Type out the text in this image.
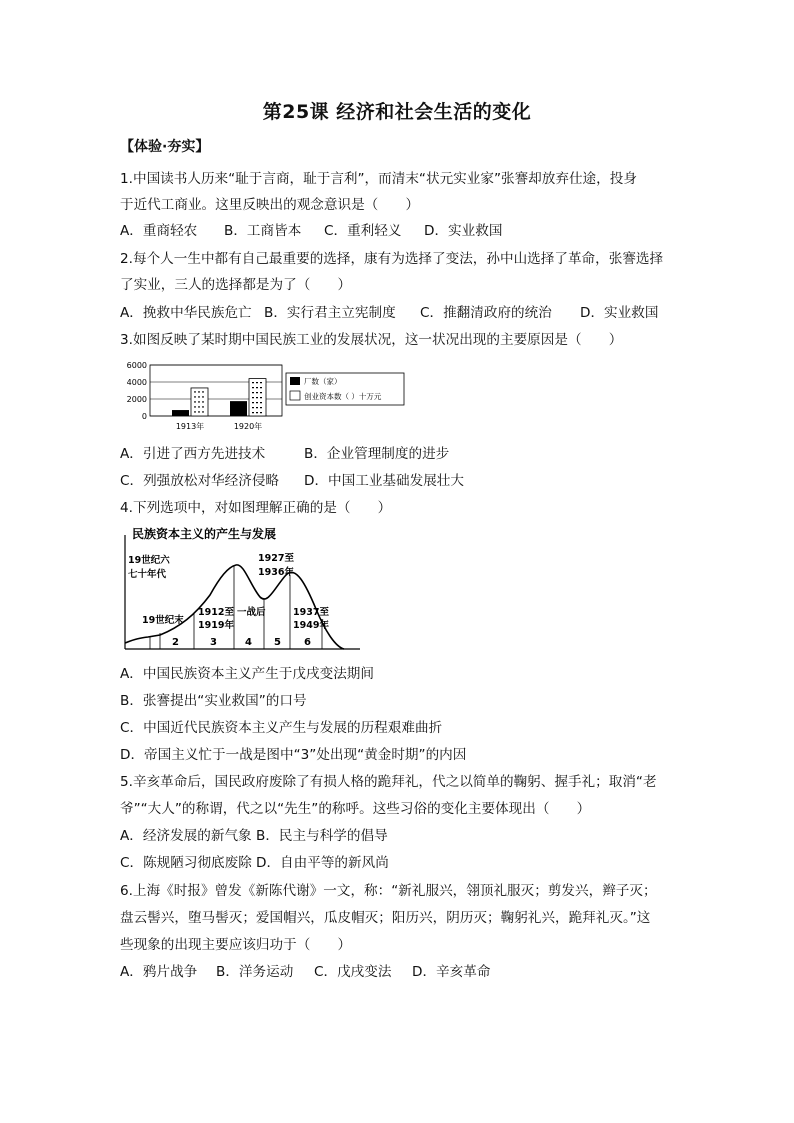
第25课 经济和社会生活的变化
【体验·夯实】
1.中国读书人历来“耻于言商，耻于言利”，而清末“状元实业家”张謇却放弃仕途，投身
于近代工商业。这里反映出的观念意识是（　　）
A．重商轻农 B．工商皆本 C．重利轻义 D．实业救国
2.每个人一生中都有自己最重要的选择，康有为选择了变法，孙中山选择了革命，张謇选择
了实业，三人的选择都是为了（　　）
A．挽救中华民族危亡 B．实行君主立宪制度 C．推翻清政府的统治 D．实业救国
3.如图反映了某时期中国民族工业的发展状况，这一状况出现的主要原因是（　　）
6000
4000
2000
0
1913年	1920年
厂数（家）
创业资本数（ ）十万元
A．引进了西方先进技术	B．企业管理制度的进步
C．列强放松对华经济侵略 D．中国工业基础发展壮大
4.下列选项中，对如图理解正确的是（　　）
民族资本主义的产生与发展
19世纪六
七十年代
19世纪末
1912至
1919年
一战后
1927至
1936年
1937至
1949年
2	3	4 5 6
A．中国民族资本主义产生于戊戌变法期间
B．张謇提出“实业救国”的口号
C．中国近代民族资本主义产生与发展的历程艰难曲折
D．帝国主义忙于一战是图中“3”处出现“黄金时期”的内因
5.辛亥革命后，国民政府废除了有损人格的跪拜礼，代之以简单的鞠躬、握手礼；取消“老
爷”“大人”的称谓，代之以“先生”的称呼。这些习俗的变化主要体现出（　　）
A．经济发展的新气象 B．民主与科学的倡导
C．陈规陋习彻底废除 D．自由平等的新风尚
6.上海《时报》曾发《新陈代谢》一文，称：“新礼服兴，翎顶礼服灭；剪发兴，辫子灭；
盘云髻兴，堕马髻灭；爱国帽兴，瓜皮帽灭；阳历兴，阴历灭；鞠躬礼兴，跪拜礼灭。”这
些现象的出现主要应该归功于（　　）
A．鸦片战争 B．洋务运动 C．戊戌变法 D．辛亥革命
